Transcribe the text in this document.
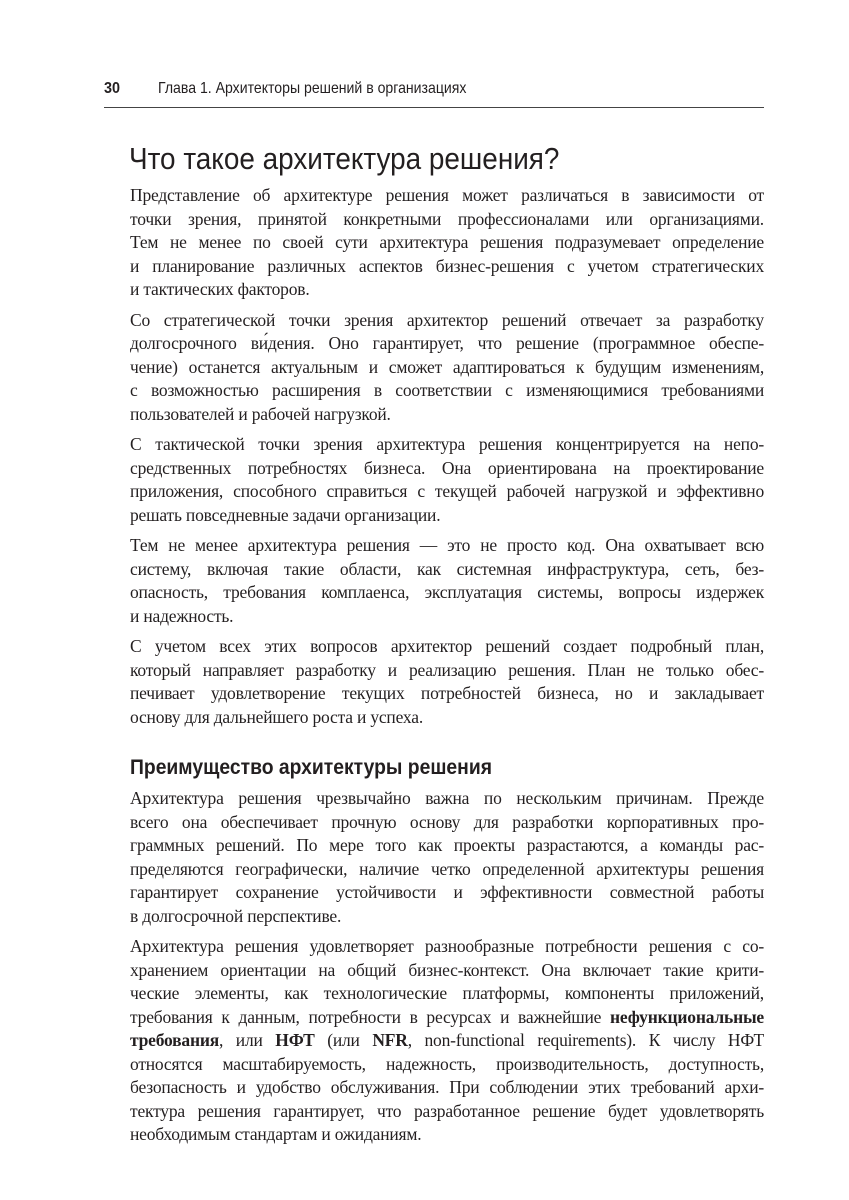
30 Глава 1. Архитекторы решений в организациях
Что такое архитектура решения?
Представление об архитектуре решения может различаться в зависимости от
точки зрения, принятой конкретными профессионалами или организациями.
Тем не менее по своей сути архитектура решения подразумевает определение
и планирование различных аспектов бизнес-решения с учетом стратегических
и тактических факторов.
Со стратегической точки зрения архитектор решений отвечает за разработку
долгосрочного ви́дения. Оно гарантирует, что решение (программное обеспе-
чение) останется актуальным и сможет адаптироваться к будущим изменениям,
с возможностью расширения в соответствии с изменяющимися требованиями
пользователей и рабочей нагрузкой.
С тактической точки зрения архитектура решения концентрируется на непо-
средственных потребностях бизнеса. Она ориентирована на проектирование
приложения, способного справиться с текущей рабочей нагрузкой и эффективно
решать повседневные задачи организации.
Тем не менее архитектура решения — это не просто код. Она охватывает всю
систему, включая такие области, как системная инфраструктура, сеть, без-
опасность, требования комплаенса, эксплуатация системы, вопросы издержек
и надежность.
С учетом всех этих вопросов архитектор решений создает подробный план,
который направляет разработку и реализацию решения. План не только обес-
печивает удовлетворение текущих потребностей бизнеса, но и закладывает
основу для дальнейшего роста и успеха.
Преимущество архитектуры решения
Архитектура решения чрезвычайно важна по нескольким причинам. Прежде
всего она обеспечивает прочную основу для разработки корпоративных про-
граммных решений. По мере того как проекты разрастаются, а команды рас-
пределяются географически, наличие четко определенной архитектуры решения
гарантирует сохранение устойчивости и эффективности совместной работы
в долгосрочной перспективе.
Архитектура решения удовлетворяет разнообразные потребности решения с со-
хранением ориентации на общий бизнес-контекст. Она включает такие крити-
ческие элементы, как технологические платформы, компоненты приложений,
требования к данным, потребности в ресурсах и важнейшие нефункциональные
требования, или НФТ (или NFR, non-functional requirements). К числу НФТ
относятся масштабируемость, надежность, производительность, доступность,
безопасность и удобство обслуживания. При соблюдении этих требований архи-
тектура решения гарантирует, что разработанное решение будет удовлетворять
необходимым стандартам и ожиданиям.
